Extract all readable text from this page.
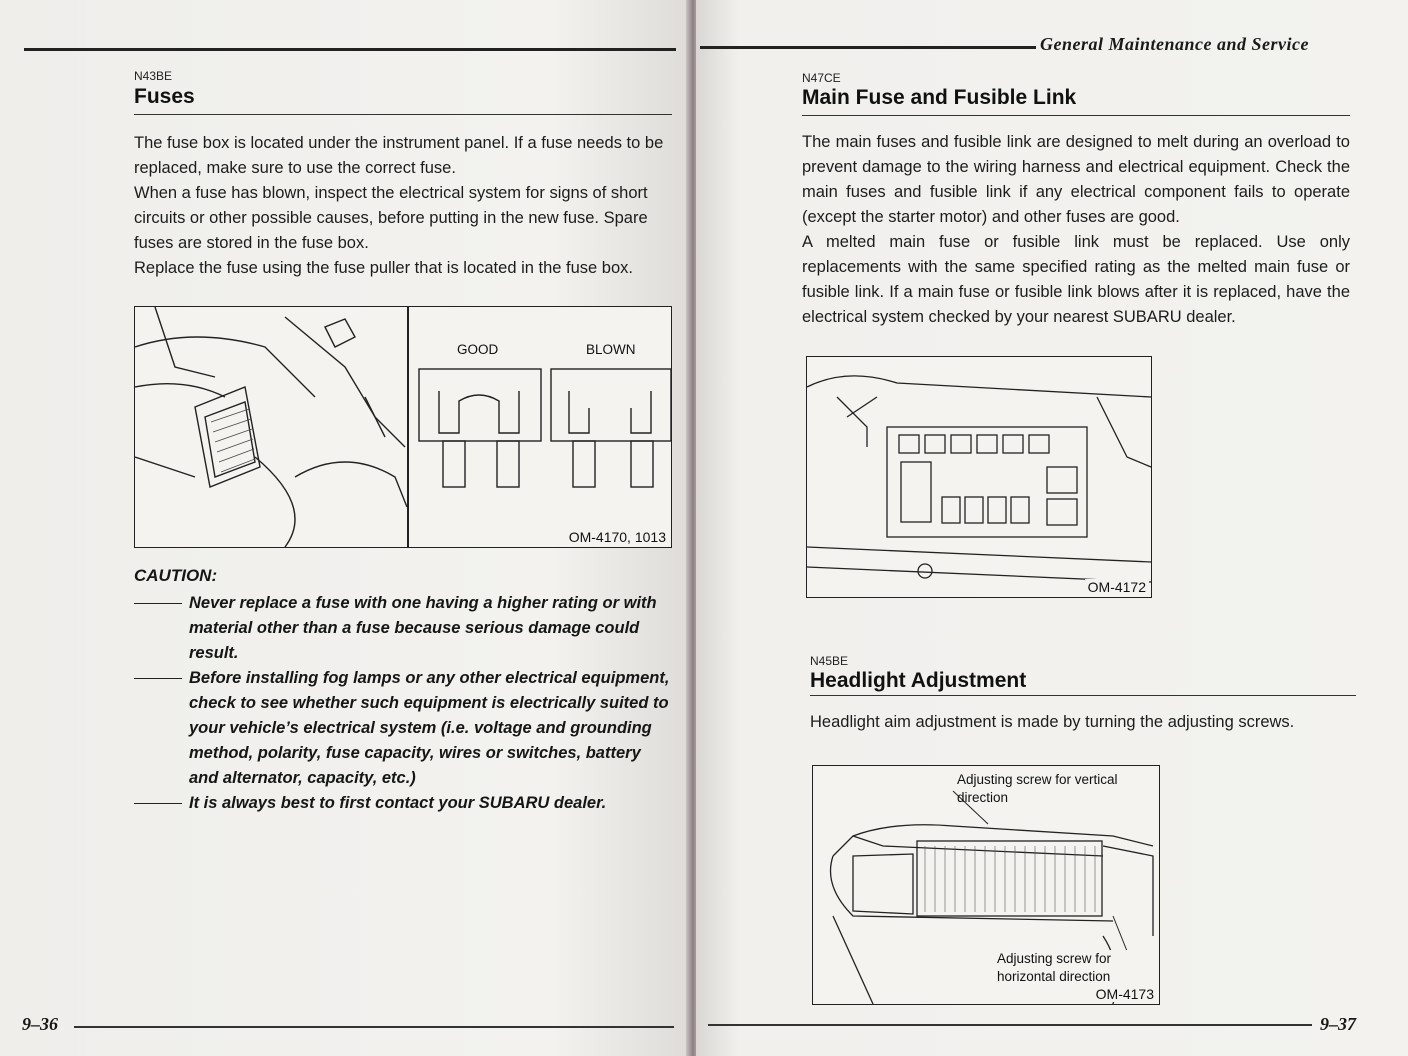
N43BE
Fuses

The fuse box is located under the instrument panel. If a fuse needs to be replaced, make sure to use the correct fuse.

When a fuse has blown, inspect the electrical system for signs of short circuits or other possible causes, before putting in the new fuse. Spare fuses are stored in the fuse box.

Replace the fuse using the fuse puller that is located in the fuse box.

GOOD	BLOWN
OM-4170, 1013
CAUTION:
Never replace a fuse with one having a higher rating or with material other than a fuse because serious damage could result.
Before installing fog lamps or any other electrical equipment, check to see whether such equipment is electrically suited to your vehicle’s electrical system (i.e. voltage and grounding method, polarity, fuse capacity, wires or switches, battery and alternator, capacity, etc.)
It is always best to first contact your SUBARU dealer.
9–36
General Maintenance and Service
N47CE
Main Fuse and Fusible Link

The main fuses and fusible link are designed to melt during an overload to prevent damage to the wiring harness and electrical equipment. Check the main fuses and fusible link if any electrical component fails to operate (except the starter motor) and other fuses are good.

A melted main fuse or fusible link must be replaced. Use only replacements with the same specified rating as the melted main fuse or fusible link. If a main fuse or fusible link blows after it is replaced, have the electrical system checked by your nearest SUBARU dealer.

OM-4172
N45BE
Headlight Adjustment
Headlight aim adjustment is made by turning the adjusting screws.
Adjusting screw for vertical direction
Adjusting screw for horizontal direction
OM-4173
9–37
